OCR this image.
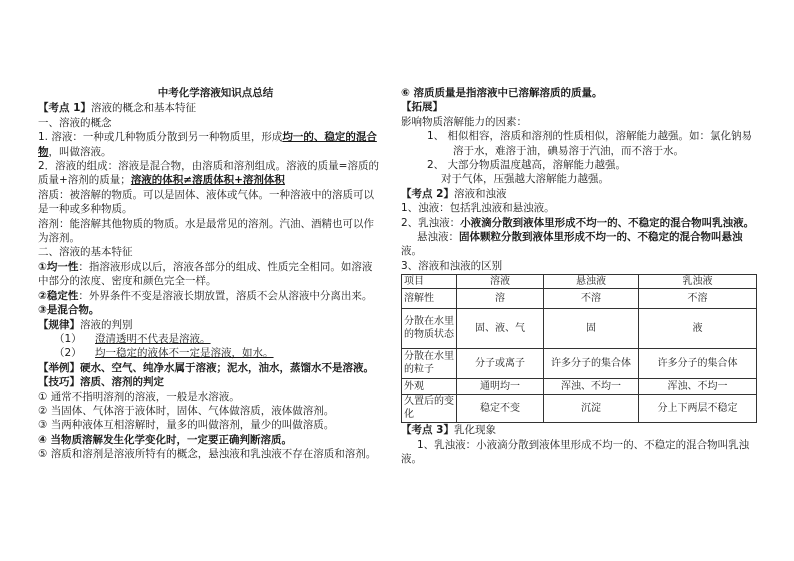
中考化学溶液知识点总结

【考点 1】溶液的概念和基本特征

一、溶液的概念

1. 溶液：一种或几种物质分散到另一种物质里，形成均一的、稳定的混合物，叫做溶液。

2．溶液的组成：溶液是混合物，由溶质和溶剂组成。溶液的质量=溶质的

质量+溶剂的质量；溶液的体积≠溶质体积+溶剂体积

溶质：被溶解的物质。可以是固体、液体或气体。一种溶液中的溶质可以

是一种或多种物质。

溶剂：能溶解其他物质的物质。水是最常见的溶剂。汽油、酒精也可以作

为溶剂。

二、溶液的基本特征

①均一性：指溶液形成以后，溶液各部分的组成、性质完全相同。如溶液

中部分的浓度、密度和颜色完全一样。

②稳定性：外界条件不变是溶液长期放置，溶质不会从溶液中分离出来。

③是混合物。

【规律】溶液的判别

（1） 澄清透明不代表是溶液。

（2） 均一稳定的液体不一定是溶液，如水。

【举例】硬水、空气、纯净水属于溶液；泥水，油水，蒸馏水不是溶液。

【技巧】溶质、溶剂的判定

① 通常不指明溶剂的溶液，一般是水溶液。

② 当固体、气体溶于液体时，固体、气体做溶质，液体做溶剂。

③ 当两种液体互相溶解时，量多的叫做溶剂，量少的叫做溶质。

④ 当物质溶解发生化学变化时，一定要正确判断溶质。

⑤ 溶质和溶剂是溶液所特有的概念，悬浊液和乳浊液不存在溶质和溶剂。

⑥ 溶质质量是指溶液中已溶解溶质的质量。

【拓展】

影响物质溶解能力的因素：

1、 相似相容，溶质和溶剂的性质相似，溶解能力越强。如：氯化钠易

溶于水，难溶于油，碘易溶于汽油，而不溶于水。

2、 大部分物质温度越高，溶解能力越强。

对于气体，压强越大溶解能力越强。

【考点 2】溶液和浊液

1、浊液：包括乳浊液和悬浊液。

2、乳浊液：小液滴分散到液体里形成不均一的、不稳定的混合物叫乳浊液。

悬浊液：固体颗粒分散到液体里形成不均一的、不稳定的混合物叫悬浊

液。

3、溶液和浊液的区别

项目	溶液	悬浊液	乳浊液
溶解性	溶	不溶	不溶
分散在水里的物质状态	固、液、气	固	液
分散在水里的粒子	分子或离子	许多分子的集合体	许多分子的集合体
外观	通明均一	浑浊、不均一	浑浊、不均一
久置后的变化	稳定不变	沉淀	分上下两层不稳定

【考点 3】乳化现象

1、乳浊液：小液滴分散到液体里形成不均一的、不稳定的混合物叫乳浊

液。
